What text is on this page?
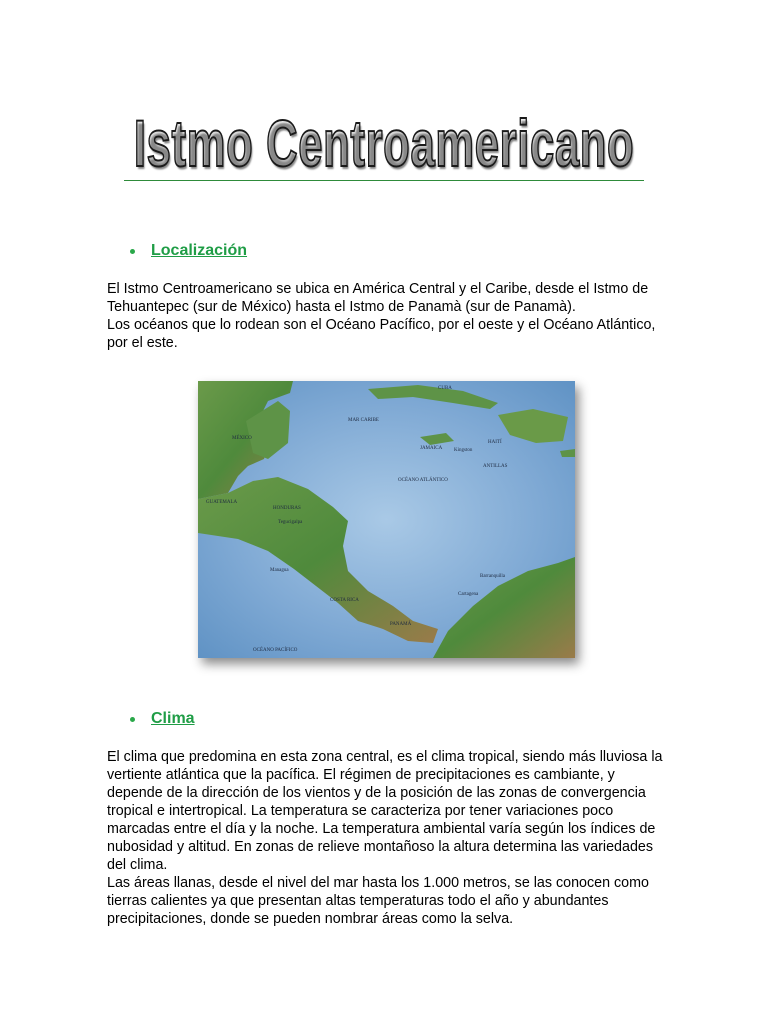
Istmo Centroamericano
Localización

El Istmo Centroamericano se ubica en América Central y el Caribe, desde el Istmo de Tehuantepec (sur de México) hasta el Istmo de Panamà (sur de Panamà).

Los océanos que lo rodean son el Océano Pacífico, por el oeste y el Océano Atlántico, por el este.

MAR CARIBE
OCÉANO ATLÁNTICO
ANTILLAS
OCÉANO PACÍFICO
MÉXICO
CUBA
JAMAICA
HAITÍ
Kingston
GUATEMALA
HONDURAS
Tegucigalpa
Managua
COSTA RICA
PANAMÁ
Cartagena
Barranquilla
Clima

El clima que predomina en esta zona central, es el clima tropical, siendo más lluviosa la vertiente atlántica que la pacífica. El régimen de precipitaciones es cambiante, y depende de la dirección de los vientos y de la posición de las zonas de convergencia tropical e intertropical. La temperatura se caracteriza por tener variaciones poco marcadas entre el día y la noche. La temperatura ambiental varía según los índices de nubosidad y altitud. En zonas de relieve montañoso la altura determina las variedades del clima.

Las áreas llanas, desde el nivel del mar hasta los 1.000 metros, se las conocen como tierras calientes ya que presentan altas temperaturas todo el año y abundantes precipitaciones, donde se pueden nombrar áreas como la selva.
